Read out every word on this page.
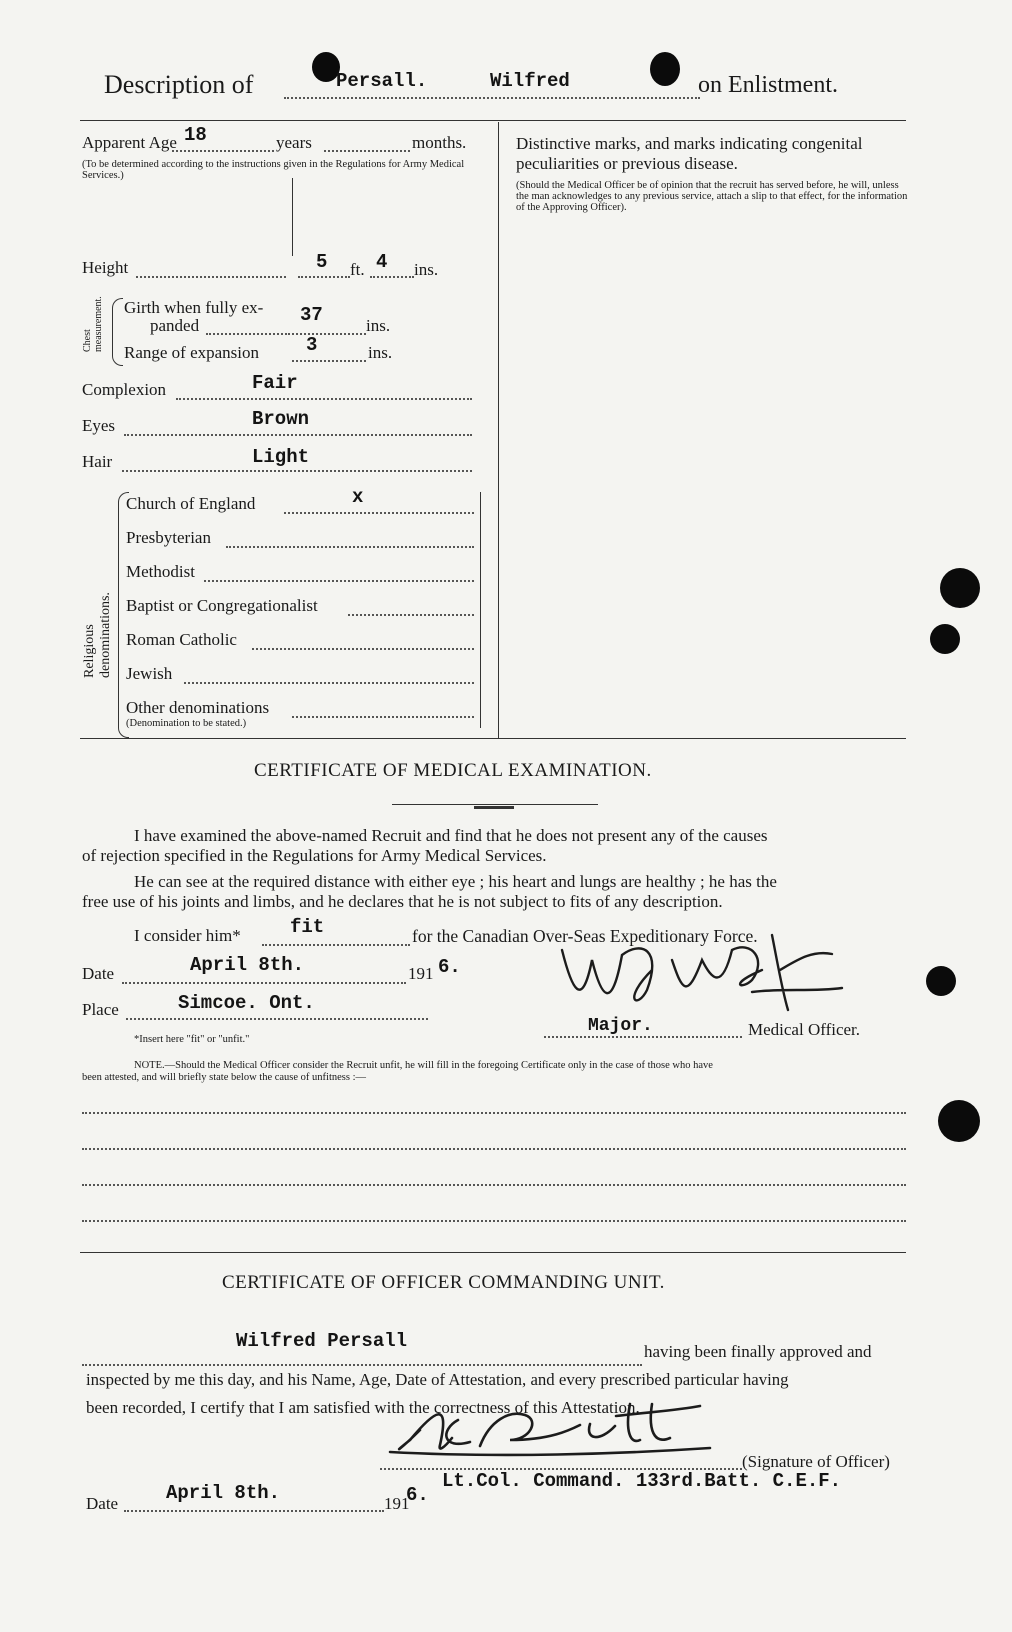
Description of	Persall.	Wilfred	on Enlistment.
Apparent Age 18	years	months.
(To be determined according to the instructions given in the Regulations for Army Medical Services.)
Height	5 ft. 4 ins.
Chest measurement. Girth when fully ex-
panded	37	ins.
Range of expansion 3	ins.
Complexion	Fair
Eyes	Brown
Hair	Light
Religious denominations.
Church of England	x
Presbyterian
Methodist
Baptist or Congregationalist
Roman Catholic
Jewish
Other denominations
(Denomination to be stated.)
Distinctive marks, and marks indicating congenital peculiarities or previous disease.
(Should the Medical Officer be of opinion that the recruit has served before, he will, unless the man acknowledges to any previous service, attach a slip to that effect, for the information of the Approving Officer).
CERTIFICATE OF MEDICAL EXAMINATION.
I have examined the above-named Recruit and find that he does not present any of the causes
of rejection specified in the Regulations for Army Medical Services.
He can see at the required distance with either eye ; his heart and lungs are healthy ; he has the
free use of his joints and limbs, and he declares that he is not subject to fits of any description.
I consider him*	fit	for the Canadian Over-Seas Expeditionary Force.
Date	April 8th.	191 6.
Place	Simcoe. Ont.
Major.	Medical Officer.
*Insert here "fit" or "unfit."
NOTE.—Should the Medical Officer consider the Recruit unfit, he will fill in the foregoing Certificate only in the case of those who have
been attested, and will briefly state below the cause of unfitness :—
CERTIFICATE OF OFFICER COMMANDING UNIT.
Wilfred Persall	having been finally approved and
inspected by me this day, and his Name, Age, Date of Attestation, and every prescribed particular having
been recorded, I certify that I am satisfied with the correctness of this Attestation.
(Signature of Officer)
Date	April 8th.	191
6.
Lt.Col. Command. 133rd.Batt. C.E.F.
